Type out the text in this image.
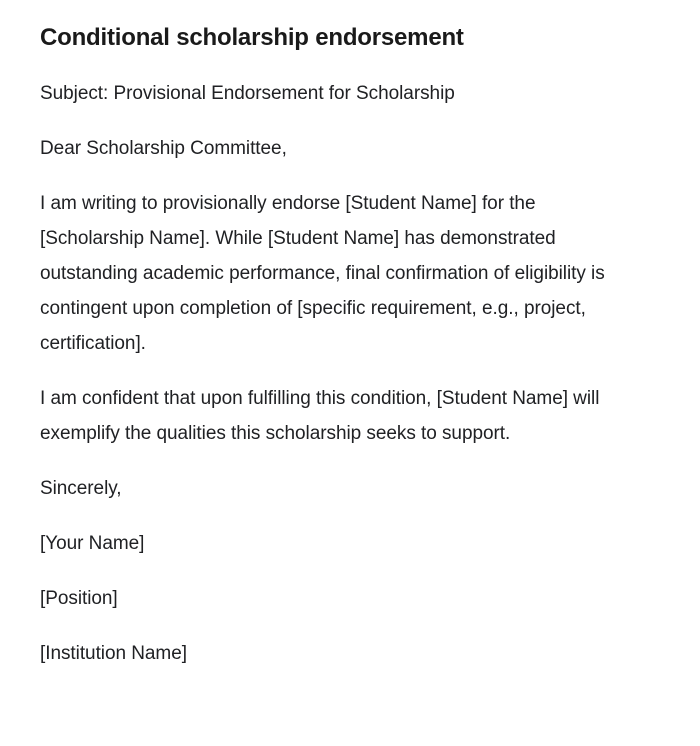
Conditional scholarship endorsement

Subject: Provisional Endorsement for Scholarship

Dear Scholarship Committee,

I am writing to provisionally endorse [Student Name] for the [Scholarship Name]. While [Student Name] has demonstrated outstanding academic performance, final confirmation of eligibility is contingent upon completion of [specific requirement, e.g., project, certification].

I am confident that upon fulfilling this condition, [Student Name] will exemplify the qualities this scholarship seeks to support.

Sincerely,

[Your Name]

[Position]

[Institution Name]
